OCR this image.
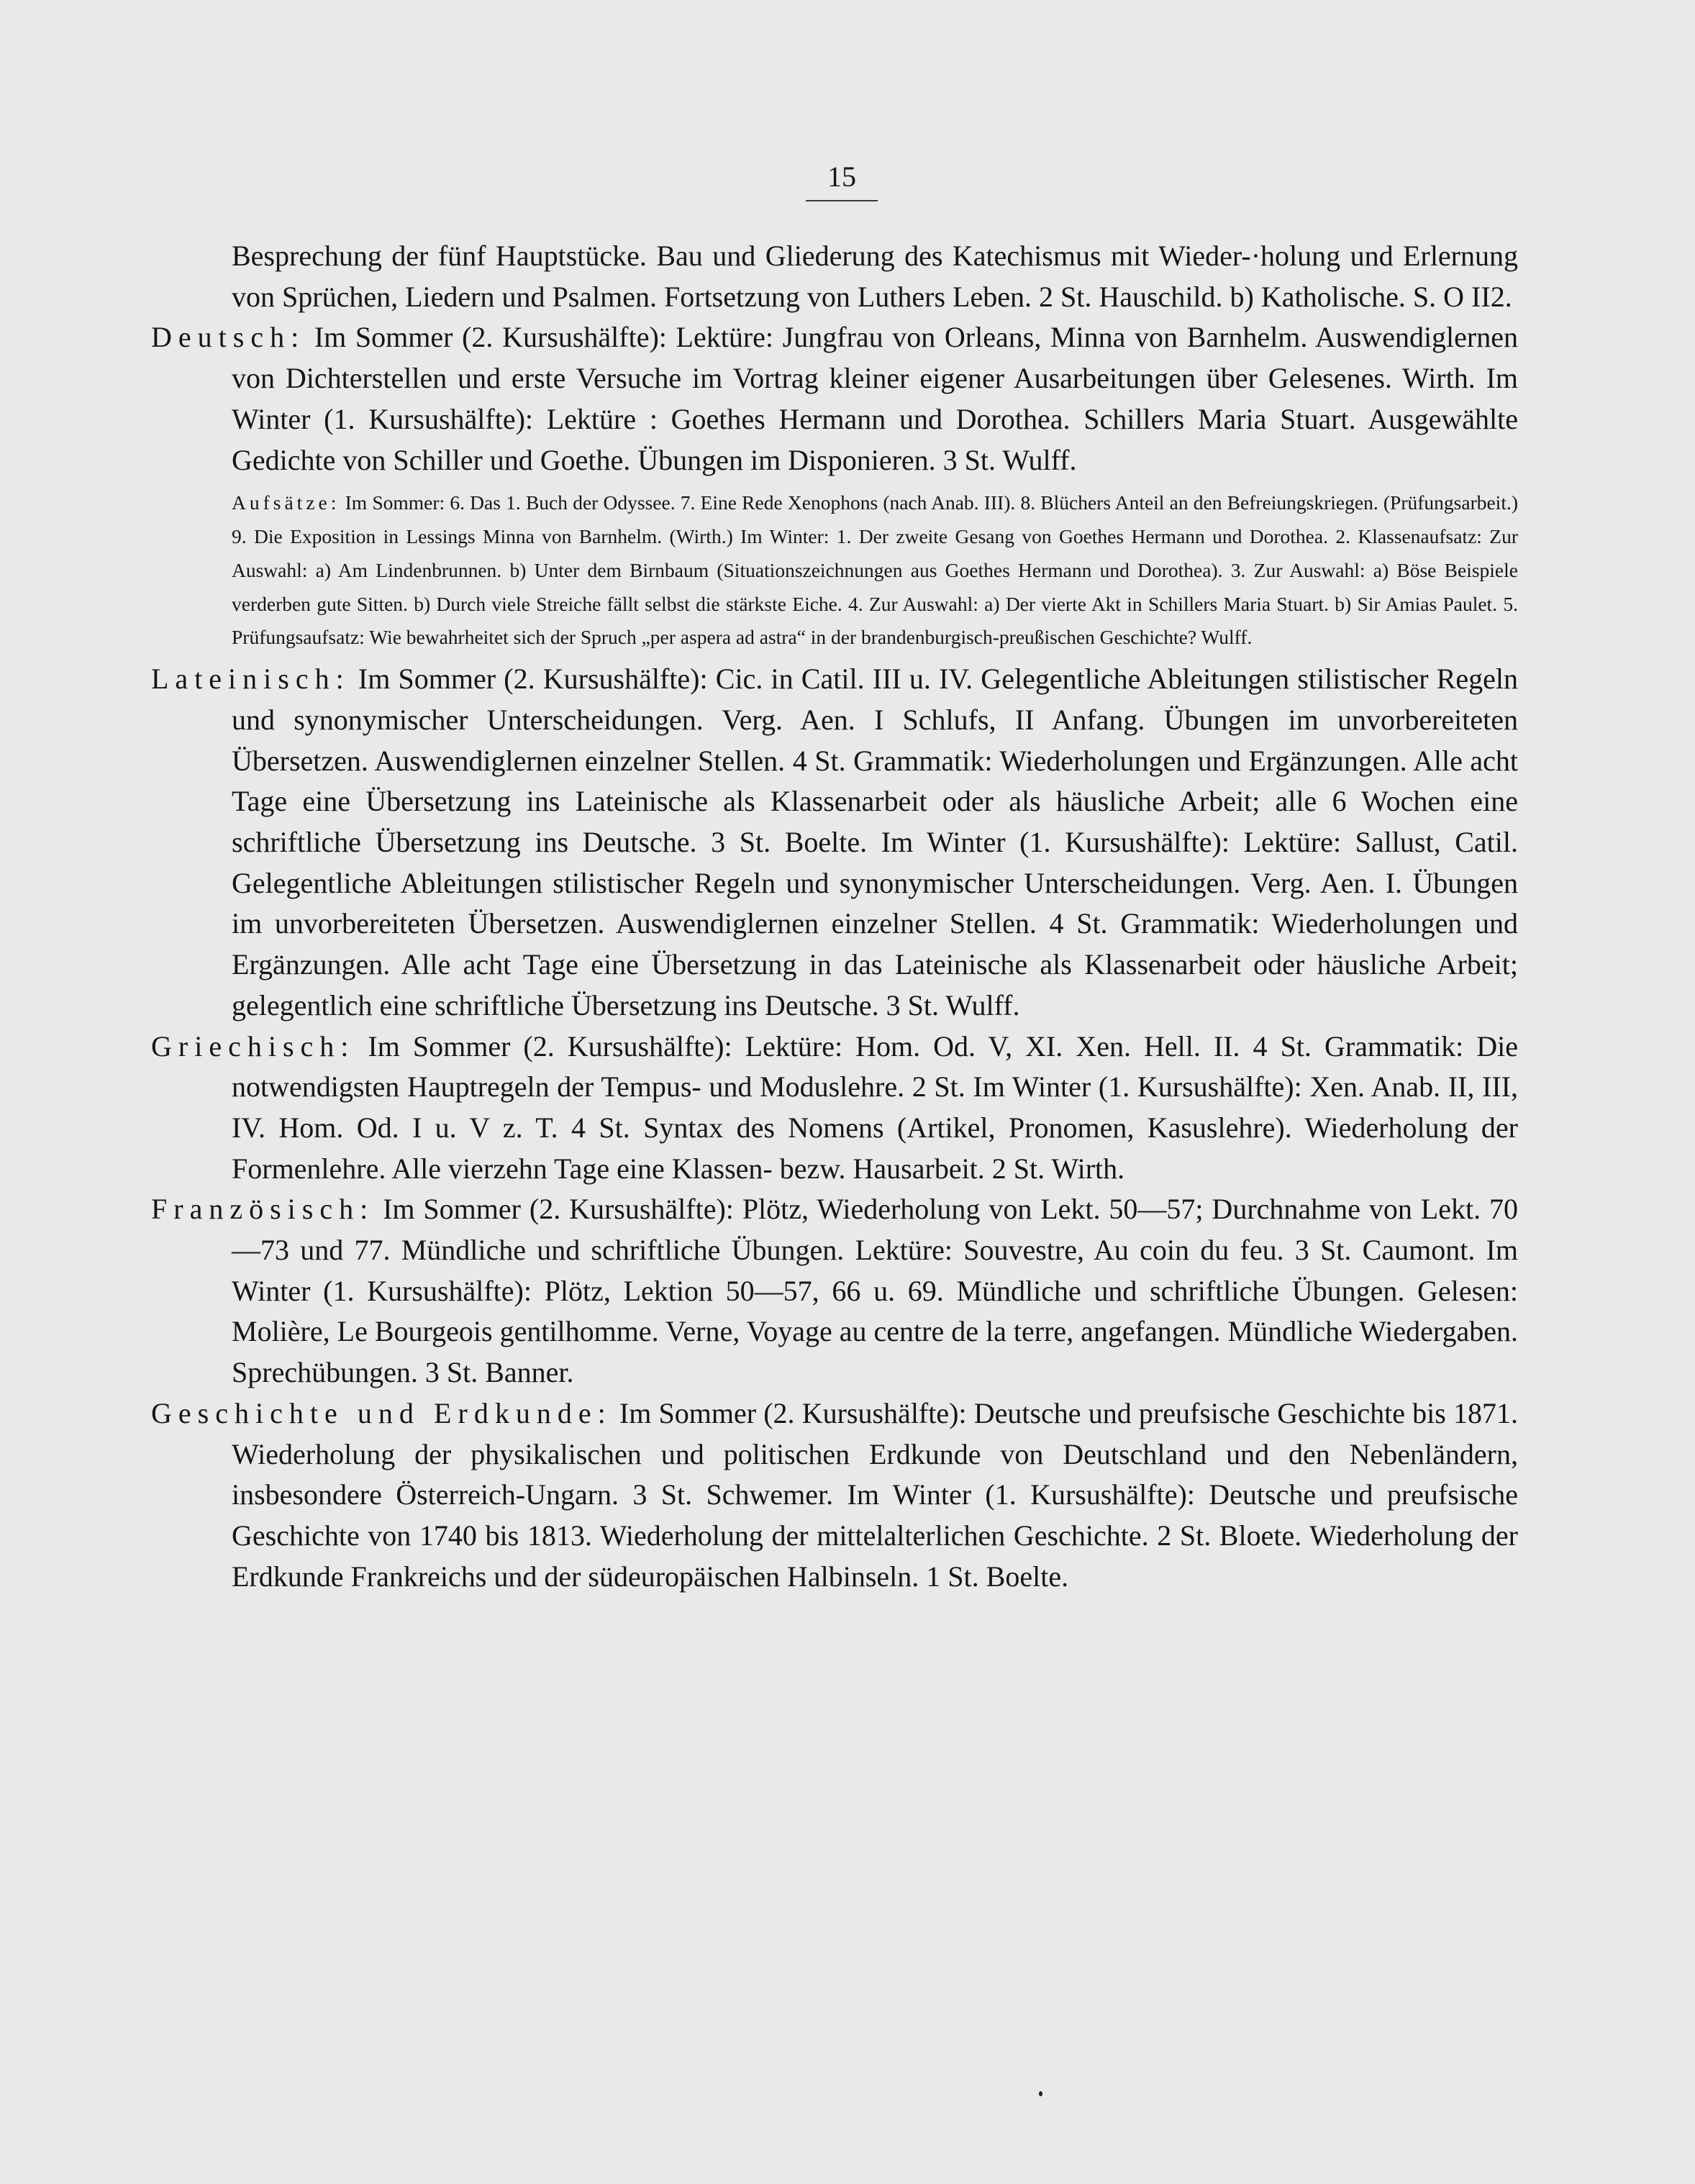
15

Besprechung der fünf Hauptstücke. Bau und Gliederung des Katechismus mit Wieder-·holung und Erlernung von Sprüchen, Liedern und Psalmen. Fortsetzung von Luthers Leben. 2 St. Hauschild. b) Katholische. S. O II2.

Deutsch: Im Sommer (2. Kursushälfte): Lektüre: Jungfrau von Orleans, Minna von Barnhelm. Auswendiglernen von Dichterstellen und erste Versuche im Vortrag kleiner eigener Ausarbeitungen über Gelesenes. Wirth. Im Winter (1. Kursushälfte): Lektüre : Goethes Hermann und Dorothea. Schillers Maria Stuart. Ausgewählte Gedichte von Schiller und Goethe. Übungen im Disponieren. 3 St. Wulff.

Aufsätze: Im Sommer: 6. Das 1. Buch der Odyssee. 7. Eine Rede Xenophons (nach Anab. III). 8. Blüchers Anteil an den Befreiungskriegen. (Prüfungsarbeit.) 9. Die Exposition in Lessings Minna von Barnhelm. (Wirth.) Im Winter: 1. Der zweite Gesang von Goethes Hermann und Dorothea. 2. Klassenaufsatz: Zur Auswahl: a) Am Lindenbrunnen. b) Unter dem Birnbaum (Situationszeichnungen aus Goethes Hermann und Dorothea). 3. Zur Auswahl: a) Böse Beispiele verderben gute Sitten. b) Durch viele Streiche fällt selbst die stärkste Eiche. 4. Zur Auswahl: a) Der vierte Akt in Schillers Maria Stuart. b) Sir Amias Paulet. 5. Prüfungsaufsatz: Wie bewahrheitet sich der Spruch „per aspera ad astra“ in der brandenburgisch-preußischen Geschichte? Wulff.

Lateinisch: Im Sommer (2. Kursushälfte): Cic. in Catil. III u. IV. Gelegentliche Ableitungen stilistischer Regeln und synonymischer Unterscheidungen. Verg. Aen. I Schlufs, II Anfang. Übungen im unvorbereiteten Übersetzen. Auswendiglernen einzelner Stellen. 4 St. Grammatik: Wiederholungen und Ergänzungen. Alle acht Tage eine Übersetzung ins Lateinische als Klassenarbeit oder als häusliche Arbeit; alle 6 Wochen eine schriftliche Übersetzung ins Deutsche. 3 St. Boelte. Im Winter (1. Kursushälfte): Lektüre: Sallust, Catil. Gelegentliche Ableitungen stilistischer Regeln und synonymischer Unterscheidungen. Verg. Aen. I. Übungen im unvorbereiteten Übersetzen. Auswendiglernen einzelner Stellen. 4 St. Grammatik: Wiederholungen und Ergänzungen. Alle acht Tage eine Übersetzung in das Lateinische als Klassenarbeit oder häusliche Arbeit; gelegentlich eine schriftliche Übersetzung ins Deutsche. 3 St. Wulff.

Griechisch: Im Sommer (2. Kursushälfte): Lektüre: Hom. Od. V, XI. Xen. Hell. II. 4 St. Grammatik: Die notwendigsten Hauptregeln der Tempus- und Moduslehre. 2 St. Im Winter (1. Kursushälfte): Xen. Anab. II, III, IV. Hom. Od. I u. V z. T. 4 St. Syntax des Nomens (Artikel, Pronomen, Kasuslehre). Wiederholung der Formenlehre. Alle vierzehn Tage eine Klassen- bezw. Hausarbeit. 2 St. Wirth.

Französisch: Im Sommer (2. Kursushälfte): Plötz, Wiederholung von Lekt. 50—57; Durchnahme von Lekt. 70—73 und 77. Mündliche und schriftliche Übungen. Lektüre: Souvestre, Au coin du feu. 3 St. Caumont. Im Winter (1. Kursushälfte): Plötz, Lektion 50—57, 66 u. 69. Mündliche und schriftliche Übungen. Gelesen: Molière, Le Bourgeois gentilhomme. Verne, Voyage au centre de la terre, angefangen. Mündliche Wiedergaben. Sprechübungen. 3 St. Banner.

Geschichte und Erdkunde: Im Sommer (2. Kursushälfte): Deutsche und preufsische Geschichte bis 1871. Wiederholung der physikalischen und politischen Erdkunde von Deutschland und den Nebenländern, insbesondere Österreich-Ungarn. 3 St. Schwemer. Im Winter (1. Kursushälfte): Deutsche und preufsische Geschichte von 1740 bis 1813. Wiederholung der mittelalterlichen Geschichte. 2 St. Bloete. Wiederholung der Erdkunde Frankreichs und der südeuropäischen Halbinseln. 1 St. Boelte.
